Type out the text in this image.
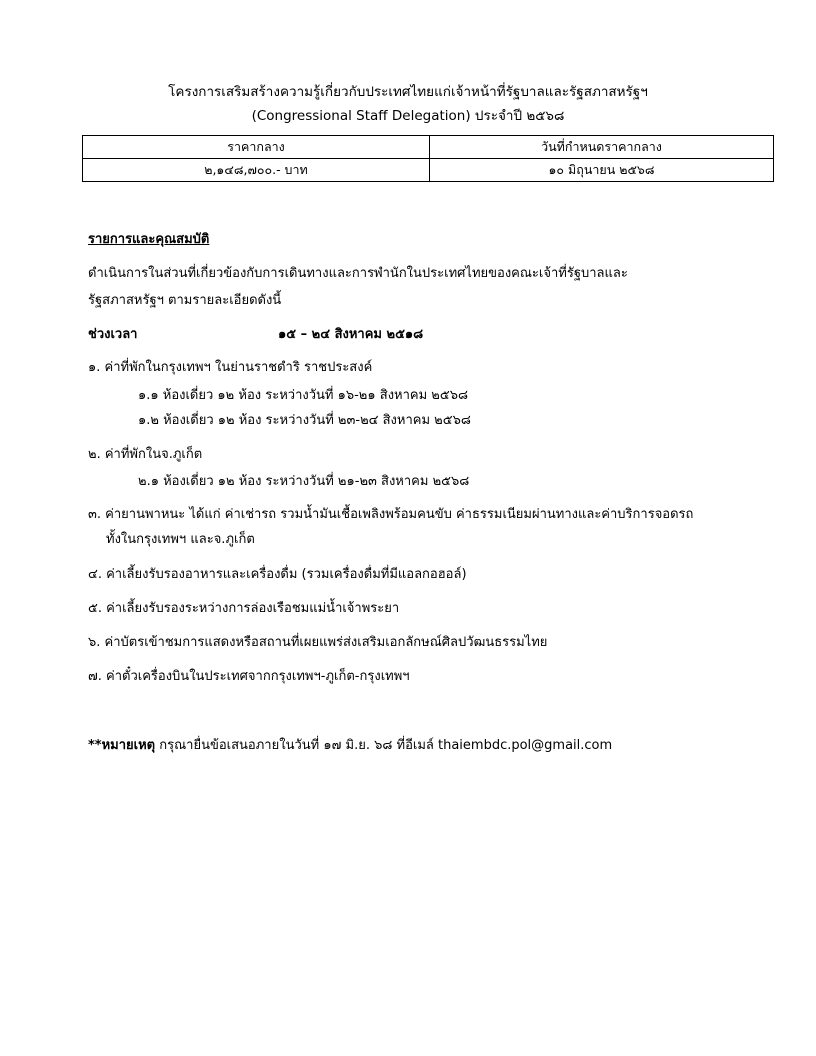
โครงการเสริมสร้างความรู้เกี่ยวกับประเทศไทยแก่เจ้าหน้าที่รัฐบาลและรัฐสภาสหรัฐฯ
(Congressional Staff Delegation) ประจำปี ๒๕๖๘
ราคากลาง	วันที่กำหนดราคากลาง
๒,๑๔๘,๗๐๐.- บาท	๑๐ มิถุนายน ๒๕๖๘
รายการและคุณสมบัติ
ดำเนินการในส่วนที่เกี่ยวข้องกับการเดินทางและการพำนักในประเทศไทยของคณะเจ้าที่รัฐบาลและ
รัฐสภาสหรัฐฯ ตามรายละเอียดดังนี้
ช่วงเวลา	๑๕ – ๒๔ สิงหาคม ๒๕๑๘
๑. ค่าที่พักในกรุงเทพฯ ในย่านราชดำริ ราชประสงค์
๑.๑ ห้องเดี่ยว ๑๒ ห้อง ระหว่างวันที่ ๑๖-๒๑ สิงหาคม ๒๕๖๘
๑.๒ ห้องเดี่ยว ๑๒ ห้อง ระหว่างวันที่ ๒๓-๒๔ สิงหาคม ๒๕๖๘
๒. ค่าที่พักในจ.ภูเก็ต
๒.๑ ห้องเดี่ยว ๑๒ ห้อง ระหว่างวันที่ ๒๑-๒๓ สิงหาคม ๒๕๖๘
๓. ค่ายานพาหนะ ได้แก่ ค่าเช่ารถ รวมน้ำมันเชื้อเพลิงพร้อมคนขับ ค่าธรรมเนียมผ่านทางและค่าบริการจอดรถ
ทั้งในกรุงเทพฯ และจ.ภูเก็ต
๔. ค่าเลี้ยงรับรองอาหารและเครื่องดื่ม (รวมเครื่องดื่มที่มีแอลกอฮอล์)
๕. ค่าเลี้ยงรับรองระหว่างการล่องเรือชมแม่น้ำเจ้าพระยา
๖. ค่าบัตรเข้าชมการแสดงหรือสถานที่เผยแพร่ส่งเสริมเอกลักษณ์ศิลปวัฒนธรรมไทย
๗. ค่าตั๋วเครื่องบินในประเทศจากกรุงเทพฯ-ภูเก็ต-กรุงเทพฯ
**หมายเหตุ กรุณายื่นข้อเสนอภายในวันที่ ๑๗ มิ.ย. ๖๘ ที่อีเมล์ thaiembdc.pol@gmail.com
